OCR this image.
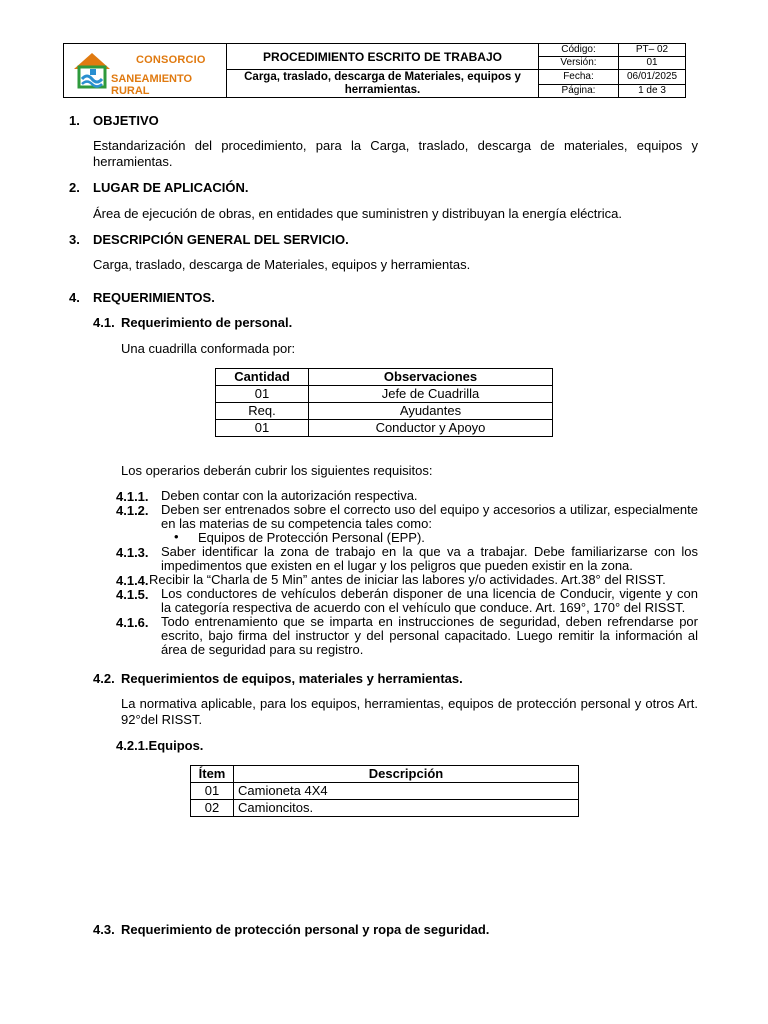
CONSORCIO
SANEAMIENTO RURAL	PROCEDIMIENTO ESCRITO DE TRABAJO	Código:	PT– 02
		Versión:	01
	Carga, traslado, descarga de Materiales, equipos y herramientas.	Fecha:	06/01/2025
		Página:	1 de 3
1. OBJETIVO
Estandarización del procedimiento, para la Carga, traslado, descarga de materiales, equipos y herramientas.
2. LUGAR DE APLICACIÓN.
Área de ejecución de obras, en entidades que suministren y distribuyan la energía eléctrica.
3. DESCRIPCIÓN GENERAL DEL SERVICIO.
Carga, traslado, descarga de Materiales, equipos y herramientas.
4. REQUERIMIENTOS.
4.1. Requerimiento de personal.
Una cuadrilla conformada por:
Cantidad	Observaciones
01	Jefe de Cuadrilla
Req.	Ayudantes
01	Conductor y Apoyo
Los operarios deberán cubrir los siguientes requisitos:
4.1.1. Deben contar con la autorización respectiva.
4.1.2. Deben ser entrenados sobre el correcto uso del equipo y accesorios a utilizar, especialmente en las materias de su competencia tales como:
• Equipos de Protección Personal (EPP).
4.1.3. Saber identificar la zona de trabajo en la que va a trabajar. Debe familiarizarse con los impedimentos que existen en el lugar y los peligros que pueden existir en la zona.
4.1.4. Recibir la “Charla de 5 Min” antes de iniciar las labores y/o actividades. Art.38° del RISST.
4.1.5. Los conductores de vehículos deberán disponer de una licencia de Conducir, vigente y con la categoría respectiva de acuerdo con el vehículo que conduce. Art. 169°, 170° del RISST.
4.1.6. Todo entrenamiento que se imparta en instrucciones de seguridad, deben refrendarse por escrito, bajo firma del instructor y del personal capacitado. Luego remitir la información al área de seguridad para su registro.
4.2. Requerimientos de equipos, materiales y herramientas.
La normativa aplicable, para los equipos, herramientas, equipos de protección personal y otros Art. 92°del RISST.
4.2.1.Equipos.
Ítem	Descripción
01	Camioneta 4X4
02	Camioncitos.
4.3. Requerimiento de protección personal y ropa de seguridad.
